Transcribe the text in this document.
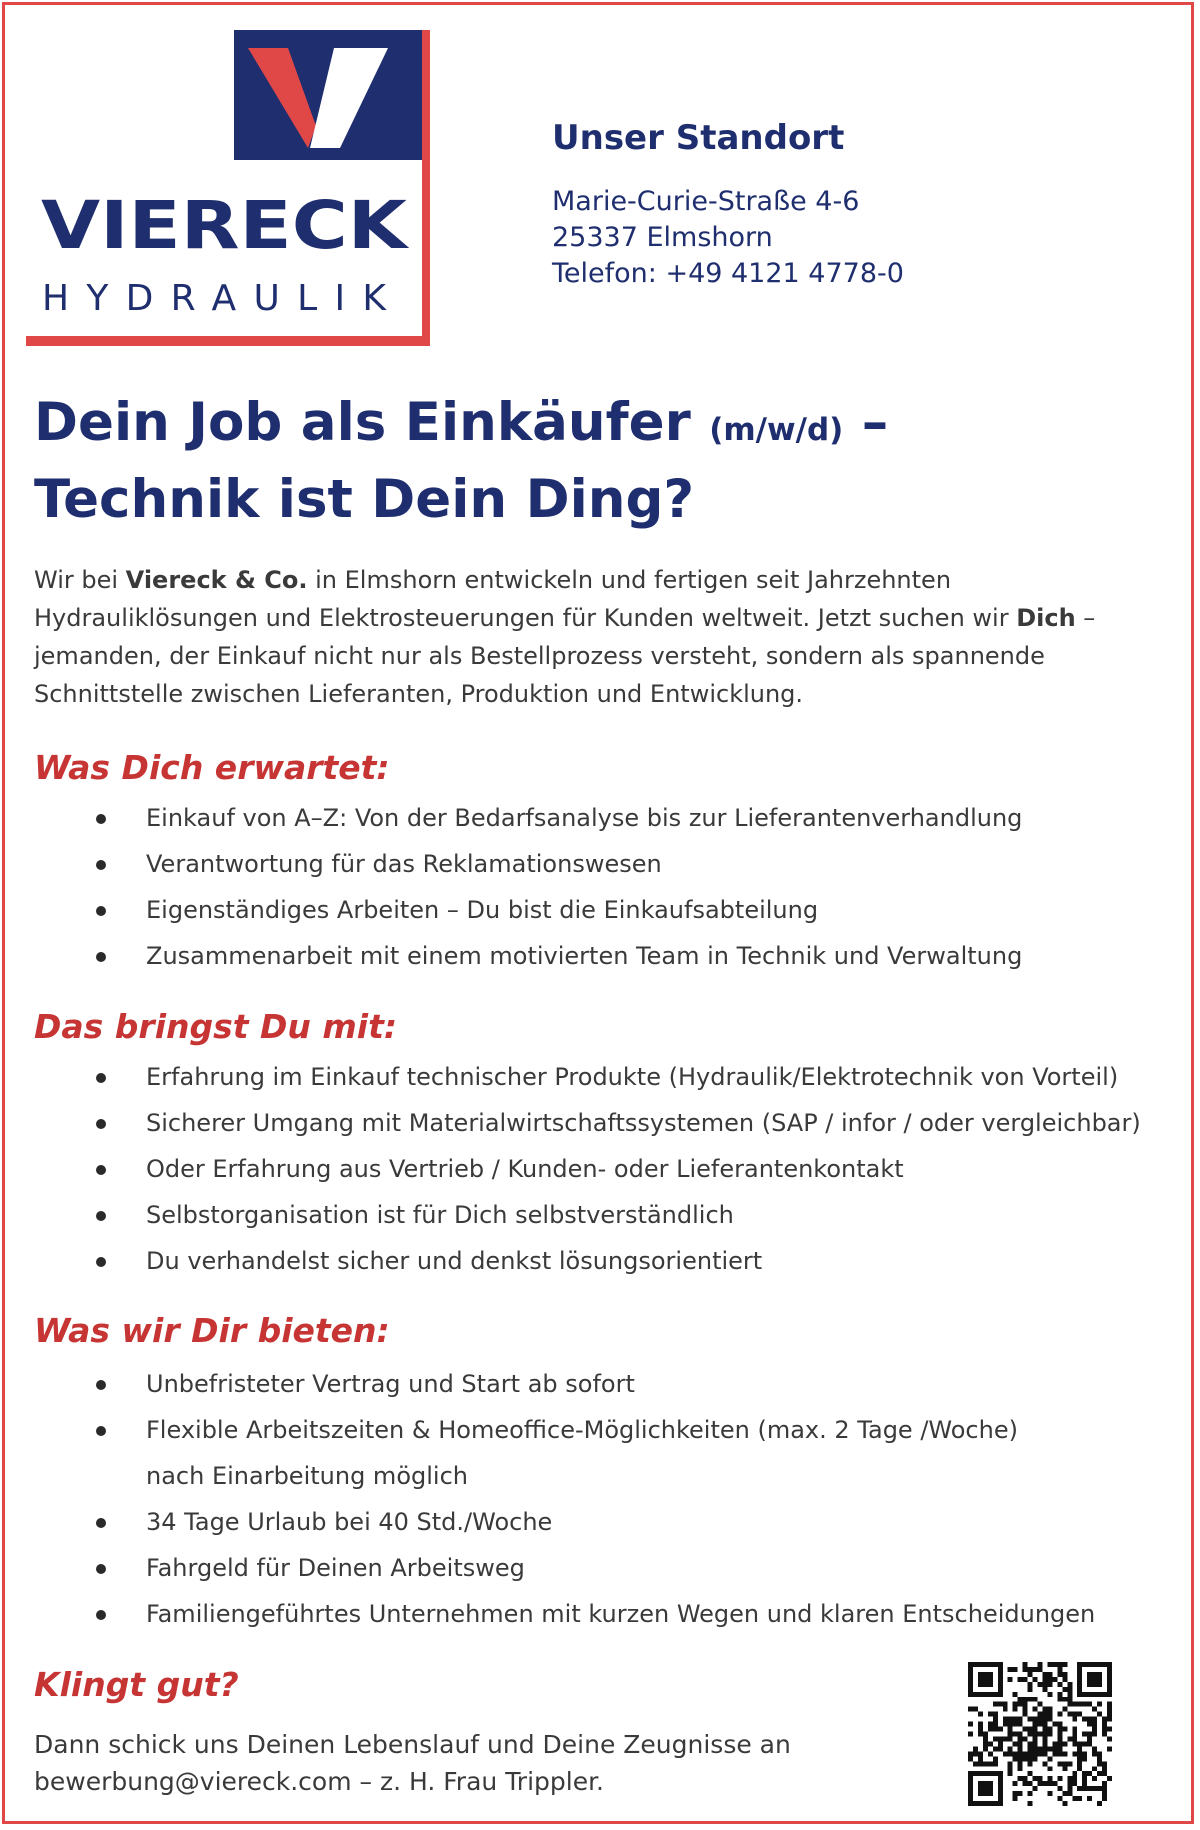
VIERECK
HYDRAULIK
Unser Standort
Marie-Curie-Straße 4-6
25337 Elmshorn
Telefon: +49 4121 4778-0
Dein Job als Einkäufer (m/w/d) –
Technik ist Dein Ding?
Wir bei Viereck & Co. in Elmshorn entwickeln und fertigen seit Jahrzehnten Hydrauliklösungen und Elektrosteuerungen für Kunden weltweit. Jetzt suchen wir Dich – jemanden, der Einkauf nicht nur als Bestellprozess versteht, sondern als spannende Schnittstelle zwischen Lieferanten, Produktion und Entwicklung.
Was Dich erwartet:
Einkauf von A–Z: Von der Bedarfsanalyse bis zur Lieferantenverhandlung
Verantwortung für das Reklamationswesen
Eigenständiges Arbeiten – Du bist die Einkaufsabteilung
Zusammenarbeit mit einem motivierten Team in Technik und Verwaltung
Das bringst Du mit:
Erfahrung im Einkauf technischer Produkte (Hydraulik/Elektrotechnik von Vorteil)
Sicherer Umgang mit Materialwirtschaftssystemen (SAP / infor / oder vergleichbar)
Oder Erfahrung aus Vertrieb / Kunden- oder Lieferantenkontakt
Selbstorganisation ist für Dich selbstverständlich
Du verhandelst sicher und denkst lösungsorientiert
Was wir Dir bieten:
Unbefristeter Vertrag und Start ab sofort
Flexible Arbeitszeiten & Homeoffice-Möglichkeiten (max. 2 Tage /Woche)
nach Einarbeitung möglich
34 Tage Urlaub bei 40 Std./Woche
Fahrgeld für Deinen Arbeitsweg
Familiengeführtes Unternehmen mit kurzen Wegen und klaren Entscheidungen
Klingt gut?
Dann schick uns Deinen Lebenslauf und Deine Zeugnisse an
bewerbung@viereck.com – z. H. Frau Trippler.
